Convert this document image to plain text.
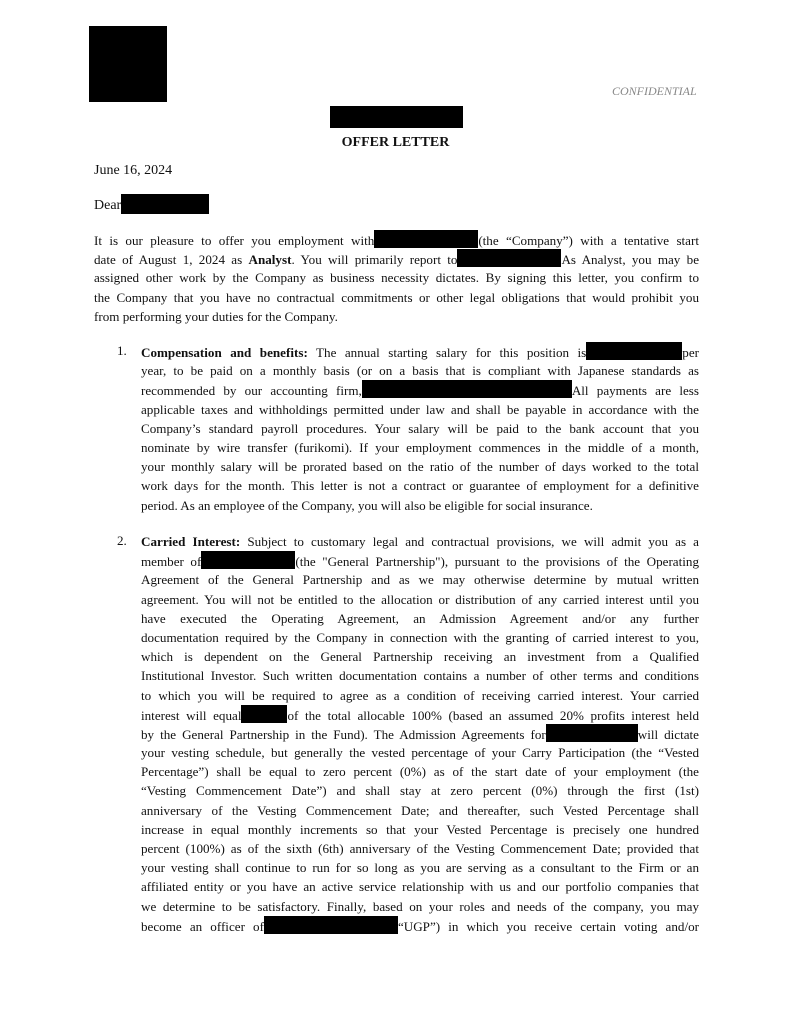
CONFIDENTIAL
OFFER LETTER
June 16, 2024
Dear
It is our pleasure to offer you employment with	(the “Company”) with a tentative start
date of August 1, 2024 as Analyst. You will primarily report to	As Analyst, you may be
assigned other work by the Company as business necessity dictates. By signing this letter, you confirm to
the Company that you have no contractual commitments or other legal obligations that would prohibit you
from performing your duties for the Company.
1. Compensation and benefits: The annual starting salary for this position is	per
year, to be paid on a monthly basis (or on a basis that is compliant with Japanese standards as
recommended by our accounting firm,	All payments are less
applicable taxes and withholdings permitted under law and shall be payable in accordance with the
Company’s standard payroll procedures. Your salary will be paid to the bank account that you
nominate by wire transfer (furikomi). If your employment commences in the middle of a month,
your monthly salary will be prorated based on the ratio of the number of days worked to the total
work days for the month. This letter is not a contract or guarantee of employment for a definitive
period. As an employee of the Company, you will also be eligible for social insurance.
2. Carried Interest: Subject to customary legal and contractual provisions, we will admit you as a
member of	(the "General Partnership"), pursuant to the provisions of the Operating
Agreement of the General Partnership and as we may otherwise determine by mutual written
agreement. You will not be entitled to the allocation or distribution of any carried interest until you
have executed the Operating Agreement, an Admission Agreement and/or any further
documentation required by the Company in connection with the granting of carried interest to you,
which is dependent on the General Partnership receiving an investment from a Qualified
Institutional Investor. Such written documentation contains a number of other terms and conditions
to which you will be required to agree as a condition of receiving carried interest. Your carried
interest will equal	of the total allocable 100% (based an assumed 20% profits interest held
by the General Partnership in the Fund). The Admission Agreements for	will dictate
your vesting schedule, but generally the vested percentage of your Carry Participation (the “Vested
Percentage”) shall be equal to zero percent (0%) as of the start date of your employment (the
“Vesting Commencement Date”) and shall stay at zero percent (0%) through the first (1st)
anniversary of the Vesting Commencement Date; and thereafter, such Vested Percentage shall
increase in equal monthly increments so that your Vested Percentage is precisely one hundred
percent (100%) as of the sixth (6th) anniversary of the Vesting Commencement Date; provided that
your vesting shall continue to run for so long as you are serving as a consultant to the Firm or an
affiliated entity or you have an active service relationship with us and our portfolio companies that
we determine to be satisfactory. Finally, based on your roles and needs of the company, you may
become an officer of	“UGP”) in which you receive certain voting and/or
